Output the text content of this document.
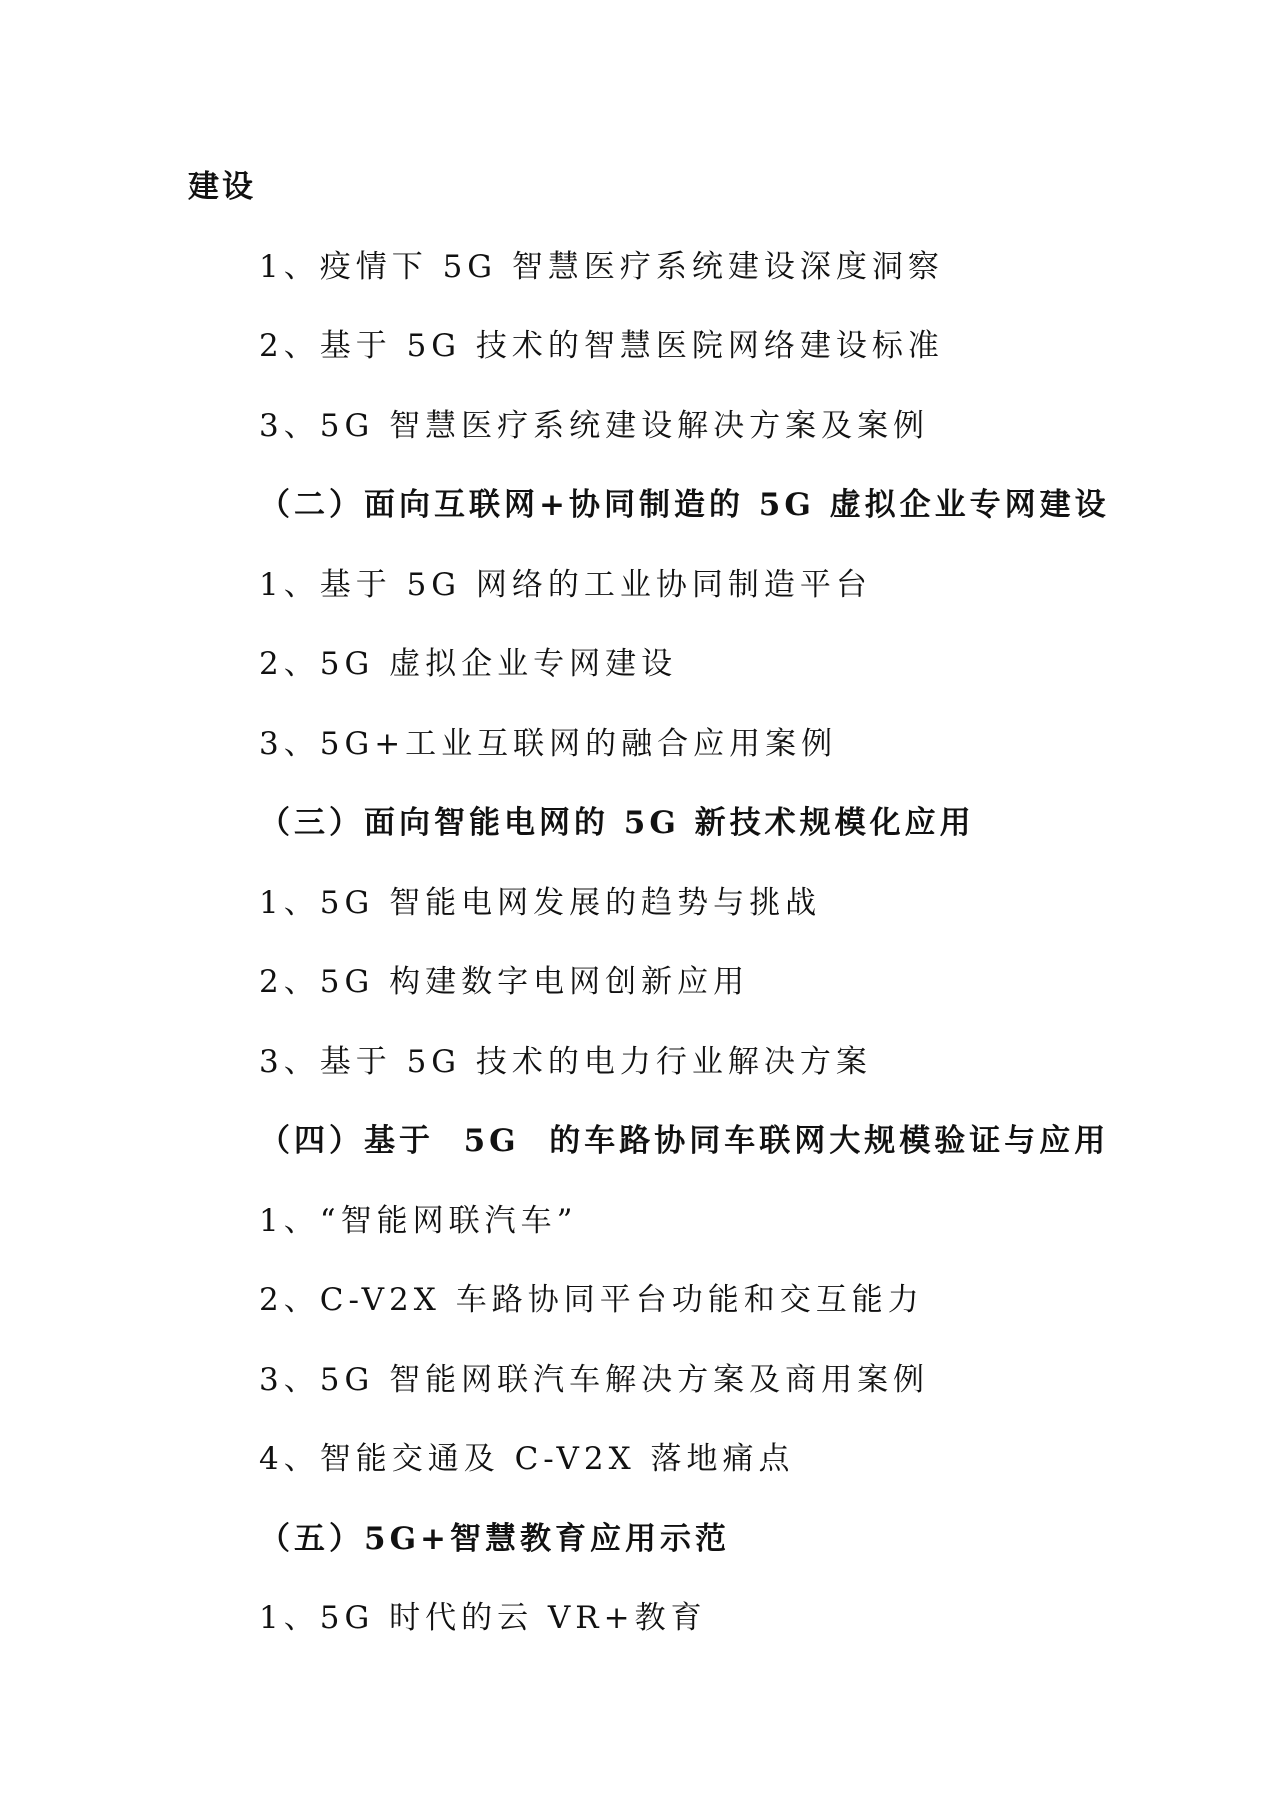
建设
1、疫情下 5G 智慧医疗系统建设深度洞察
2、基于 5G 技术的智慧医院网络建设标准
3、5G 智慧医疗系统建设解决方案及案例
（二）面向互联网+协同制造的 5G 虚拟企业专网建设
1、基于 5G 网络的工业协同制造平台
2、5G 虚拟企业专网建设
3、5G+工业互联网的融合应用案例
（三）面向智能电网的 5G 新技术规模化应用
1、5G 智能电网发展的趋势与挑战
2、5G 构建数字电网创新应用
3、基于 5G 技术的电力行业解决方案
（四）基于  5G  的车路协同车联网大规模验证与应用
1、“智能网联汽车”
2、C-V2X 车路协同平台功能和交互能力
3、5G 智能网联汽车解决方案及商用案例
4、智能交通及 C-V2X 落地痛点
（五）5G+智慧教育应用示范
1、5G 时代的云 VR+教育
